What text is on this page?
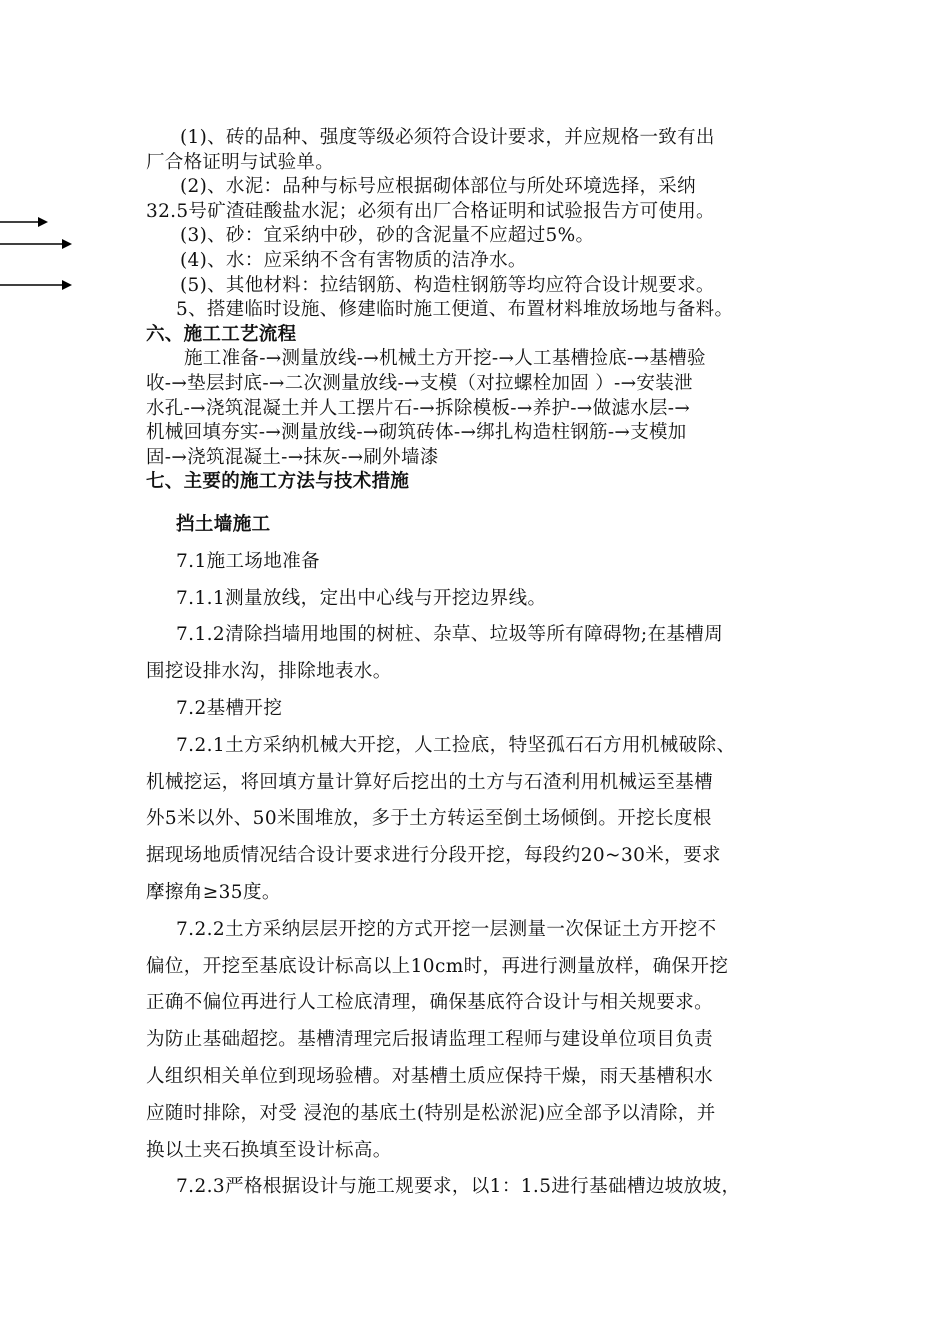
(1)、砖的品种、强度等级必须符合设计要求，并应规格一致有出

厂合格证明与试验单。

(2)、水泥：品种与标号应根据砌体部位与所处环境选择，采纳

32.5号矿渣硅酸盐水泥；必须有出厂合格证明和试验报告方可使用。

(3)、砂：宜采纳中砂，砂的含泥量不应超过5%。

(4)、水：应采纳不含有害物质的洁净水。

(5)、其他材料：拉结钢筋、构造柱钢筋等均应符合设计规要求。

5、搭建临时设施、修建临时施工便道、布置材料堆放场地与备料。

六、施工工艺流程

施工准备-→测量放线-→机械土方开挖-→人工基槽捡底-→基槽验

收-→垫层封底-→二次测量放线-→支模（对拉螺栓加固 ）-→安装泄

水孔-→浇筑混凝土并人工摆片石-→拆除模板-→养护-→做滤水层-→

机械回填夯实-→测量放线-→砌筑砖体-→绑扎构造柱钢筋-→支模加

固-→浇筑混凝土-→抹灰-→刷外墙漆

七、主要的施工方法与技术措施

挡土墙施工

7.1施工场地准备

7.1.1测量放线，定出中心线与开挖边界线。

7.1.2清除挡墙用地围的树桩、杂草、垃圾等所有障碍物;在基槽周

围挖设排水沟，排除地表水。

7.2基槽开挖

7.2.1土方采纳机械大开挖，人工捡底，特坚孤石石方用机械破除、

机械挖运，将回填方量计算好后挖出的土方与石渣利用机械运至基槽

外5米以外、50米围堆放，多于土方转运至倒土场倾倒。开挖长度根

据现场地质情况结合设计要求进行分段开挖，每段约20~30米，要求

摩擦角≥35度。

7.2.2土方采纳层层开挖的方式开挖一层测量一次保证土方开挖不

偏位，开挖至基底设计标高以上10cm时，再进行测量放样，确保开挖

正确不偏位再进行人工检底清理，确保基底符合设计与相关规要求。

为防止基础超挖。基槽清理完后报请监理工程师与建设单位项目负责

人组织相关单位到现场验槽。对基槽土质应保持干燥，雨天基槽积水

应随时排除，对受 浸泡的基底土(特别是松淤泥)应全部予以清除，并

换以土夹石换填至设计标高。

7.2.3严格根据设计与施工规要求，以1：1.5进行基础槽边坡放坡，
